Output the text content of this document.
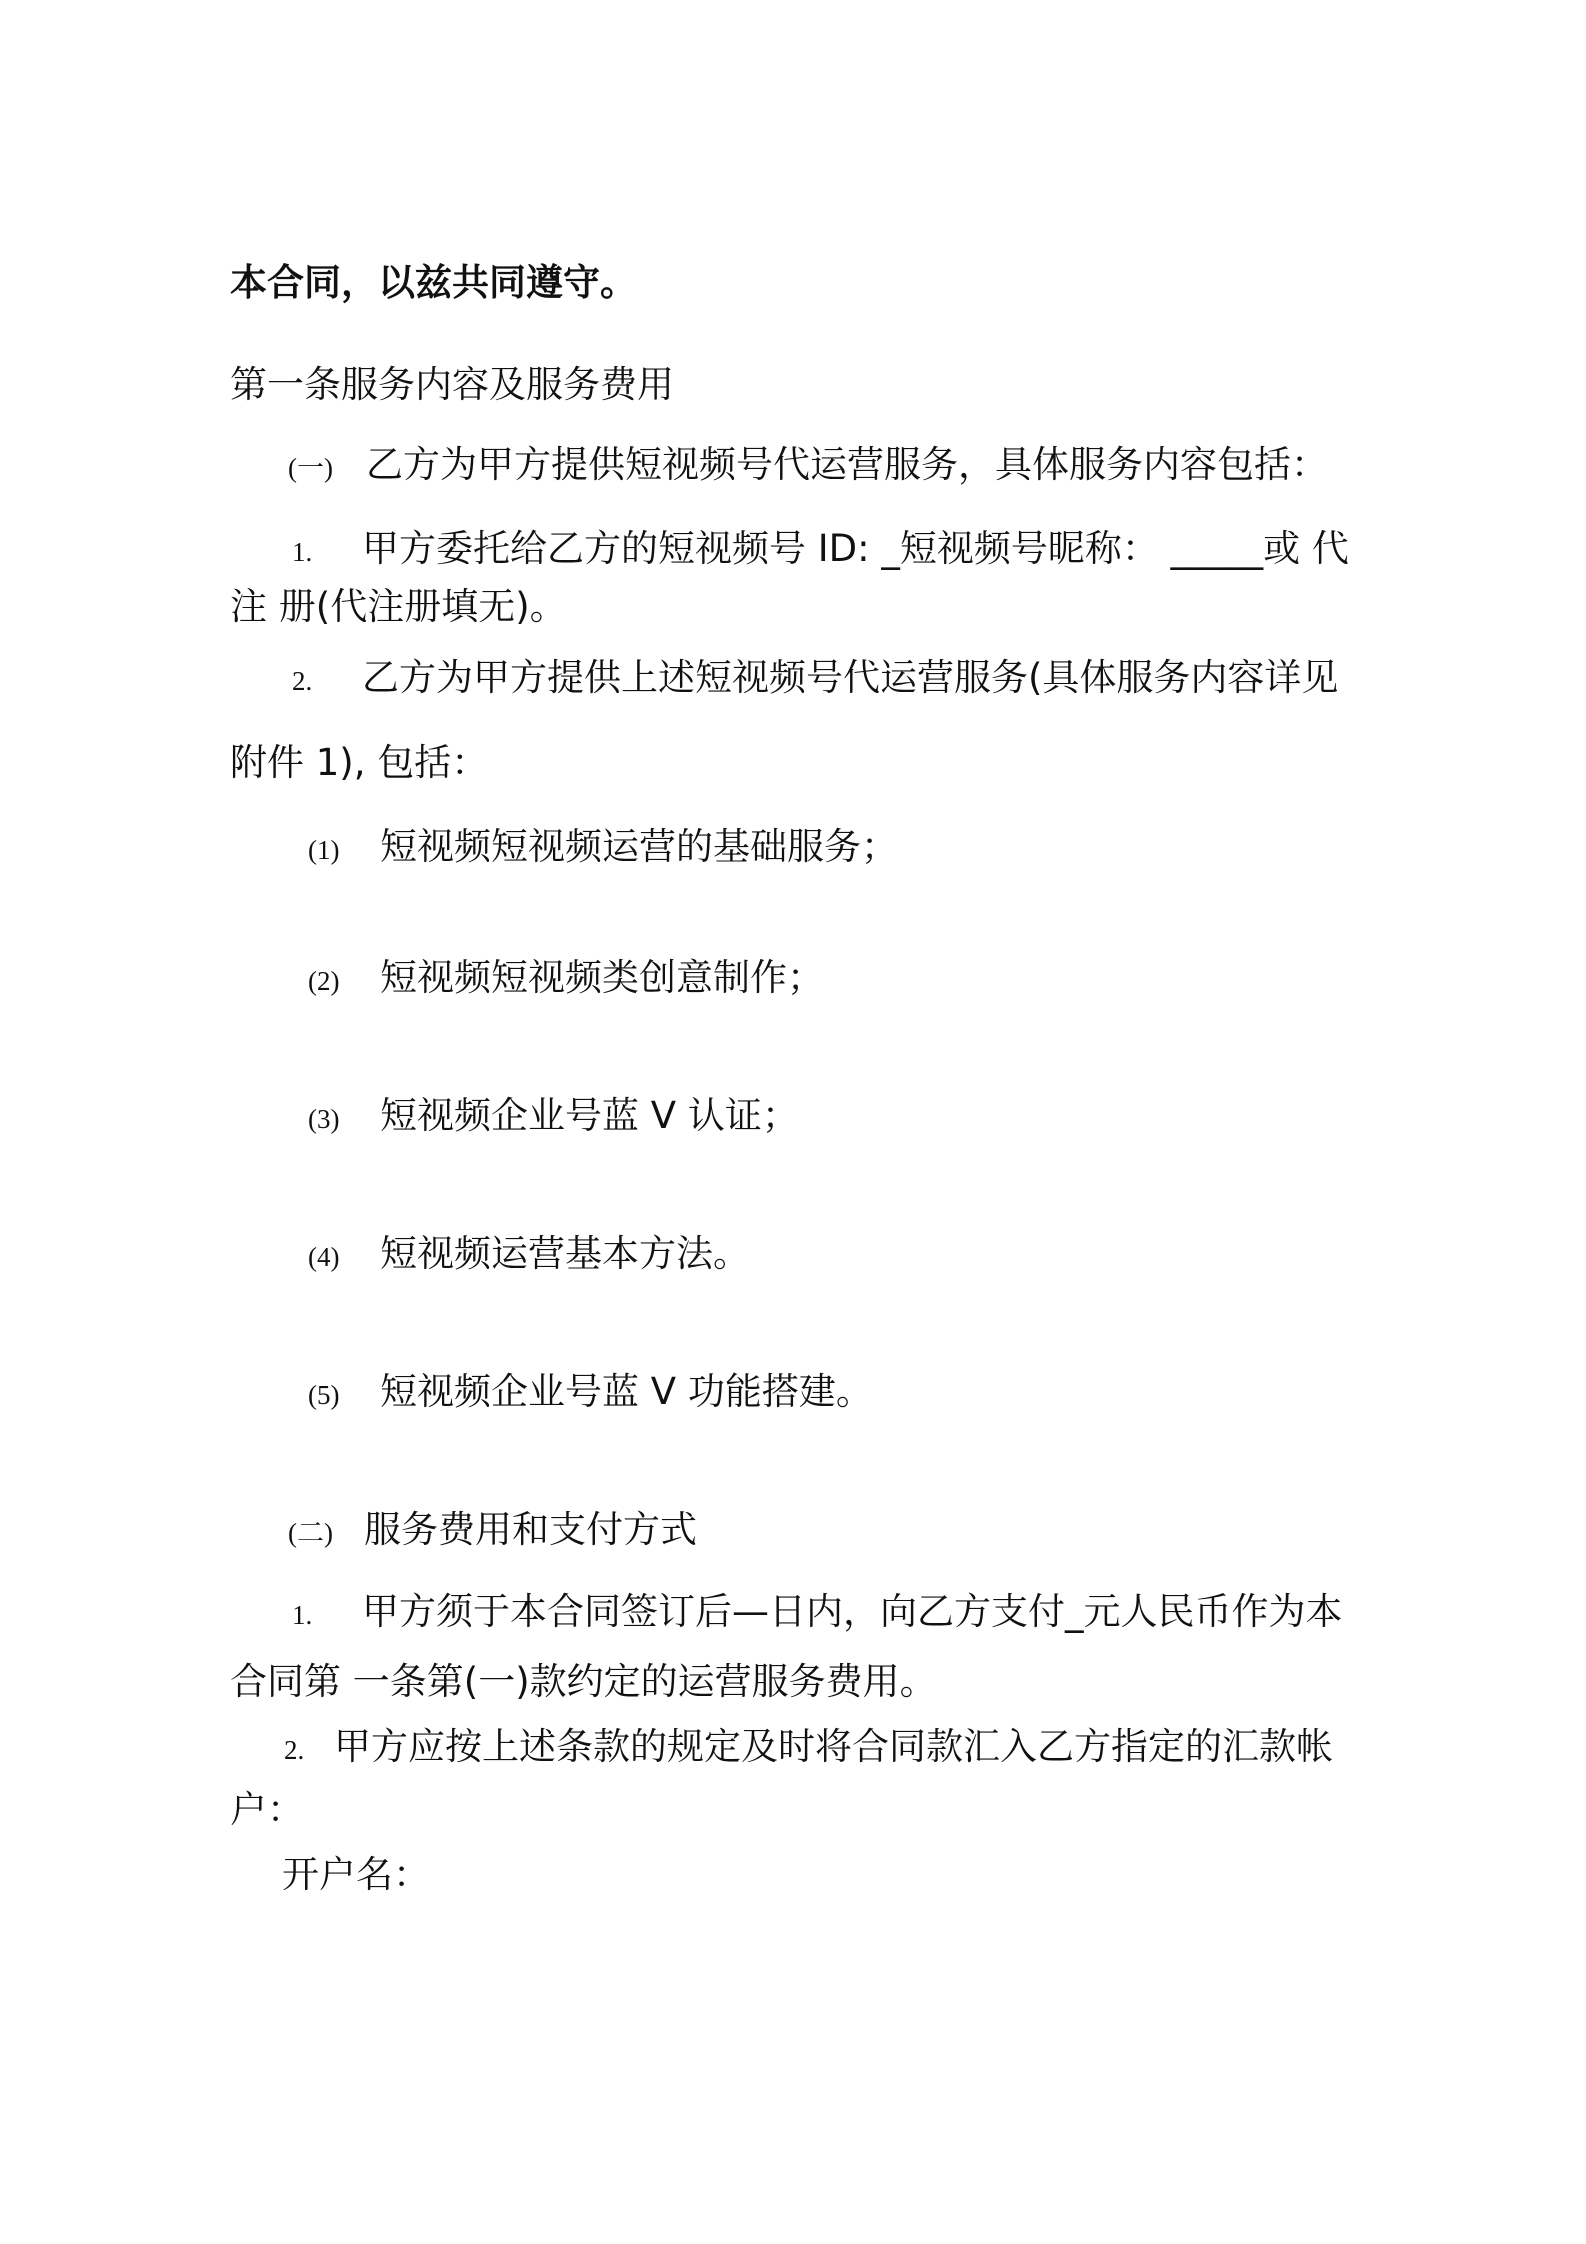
本合同，以兹共同遵守。
第一条服务内容及服务费用
(一) 乙方为甲方提供短视频号代运营服务，具体服务内容包括：
1. 甲方委托给乙方的短视频号 ID: _短视频号昵称： _____或 代
注 册(代注册填无)。
2. 乙方为甲方提供上述短视频号代运营服务(具体服务内容详见
附件 1), 包括：
(1) 短视频短视频运营的基础服务；
(2) 短视频短视频类创意制作；
(3) 短视频企业号蓝 V 认证；
(4) 短视频运营基本方法。
(5) 短视频企业号蓝 V 功能搭建。
(二) 服务费用和支付方式
1. 甲方须于本合同签订后—日内，向乙方支付_元人民币作为本
合同第 一条第(一)款约定的运营服务费用。
2. 甲方应按上述条款的规定及时将合同款汇入乙方指定的汇款帐
户：
开户名：
